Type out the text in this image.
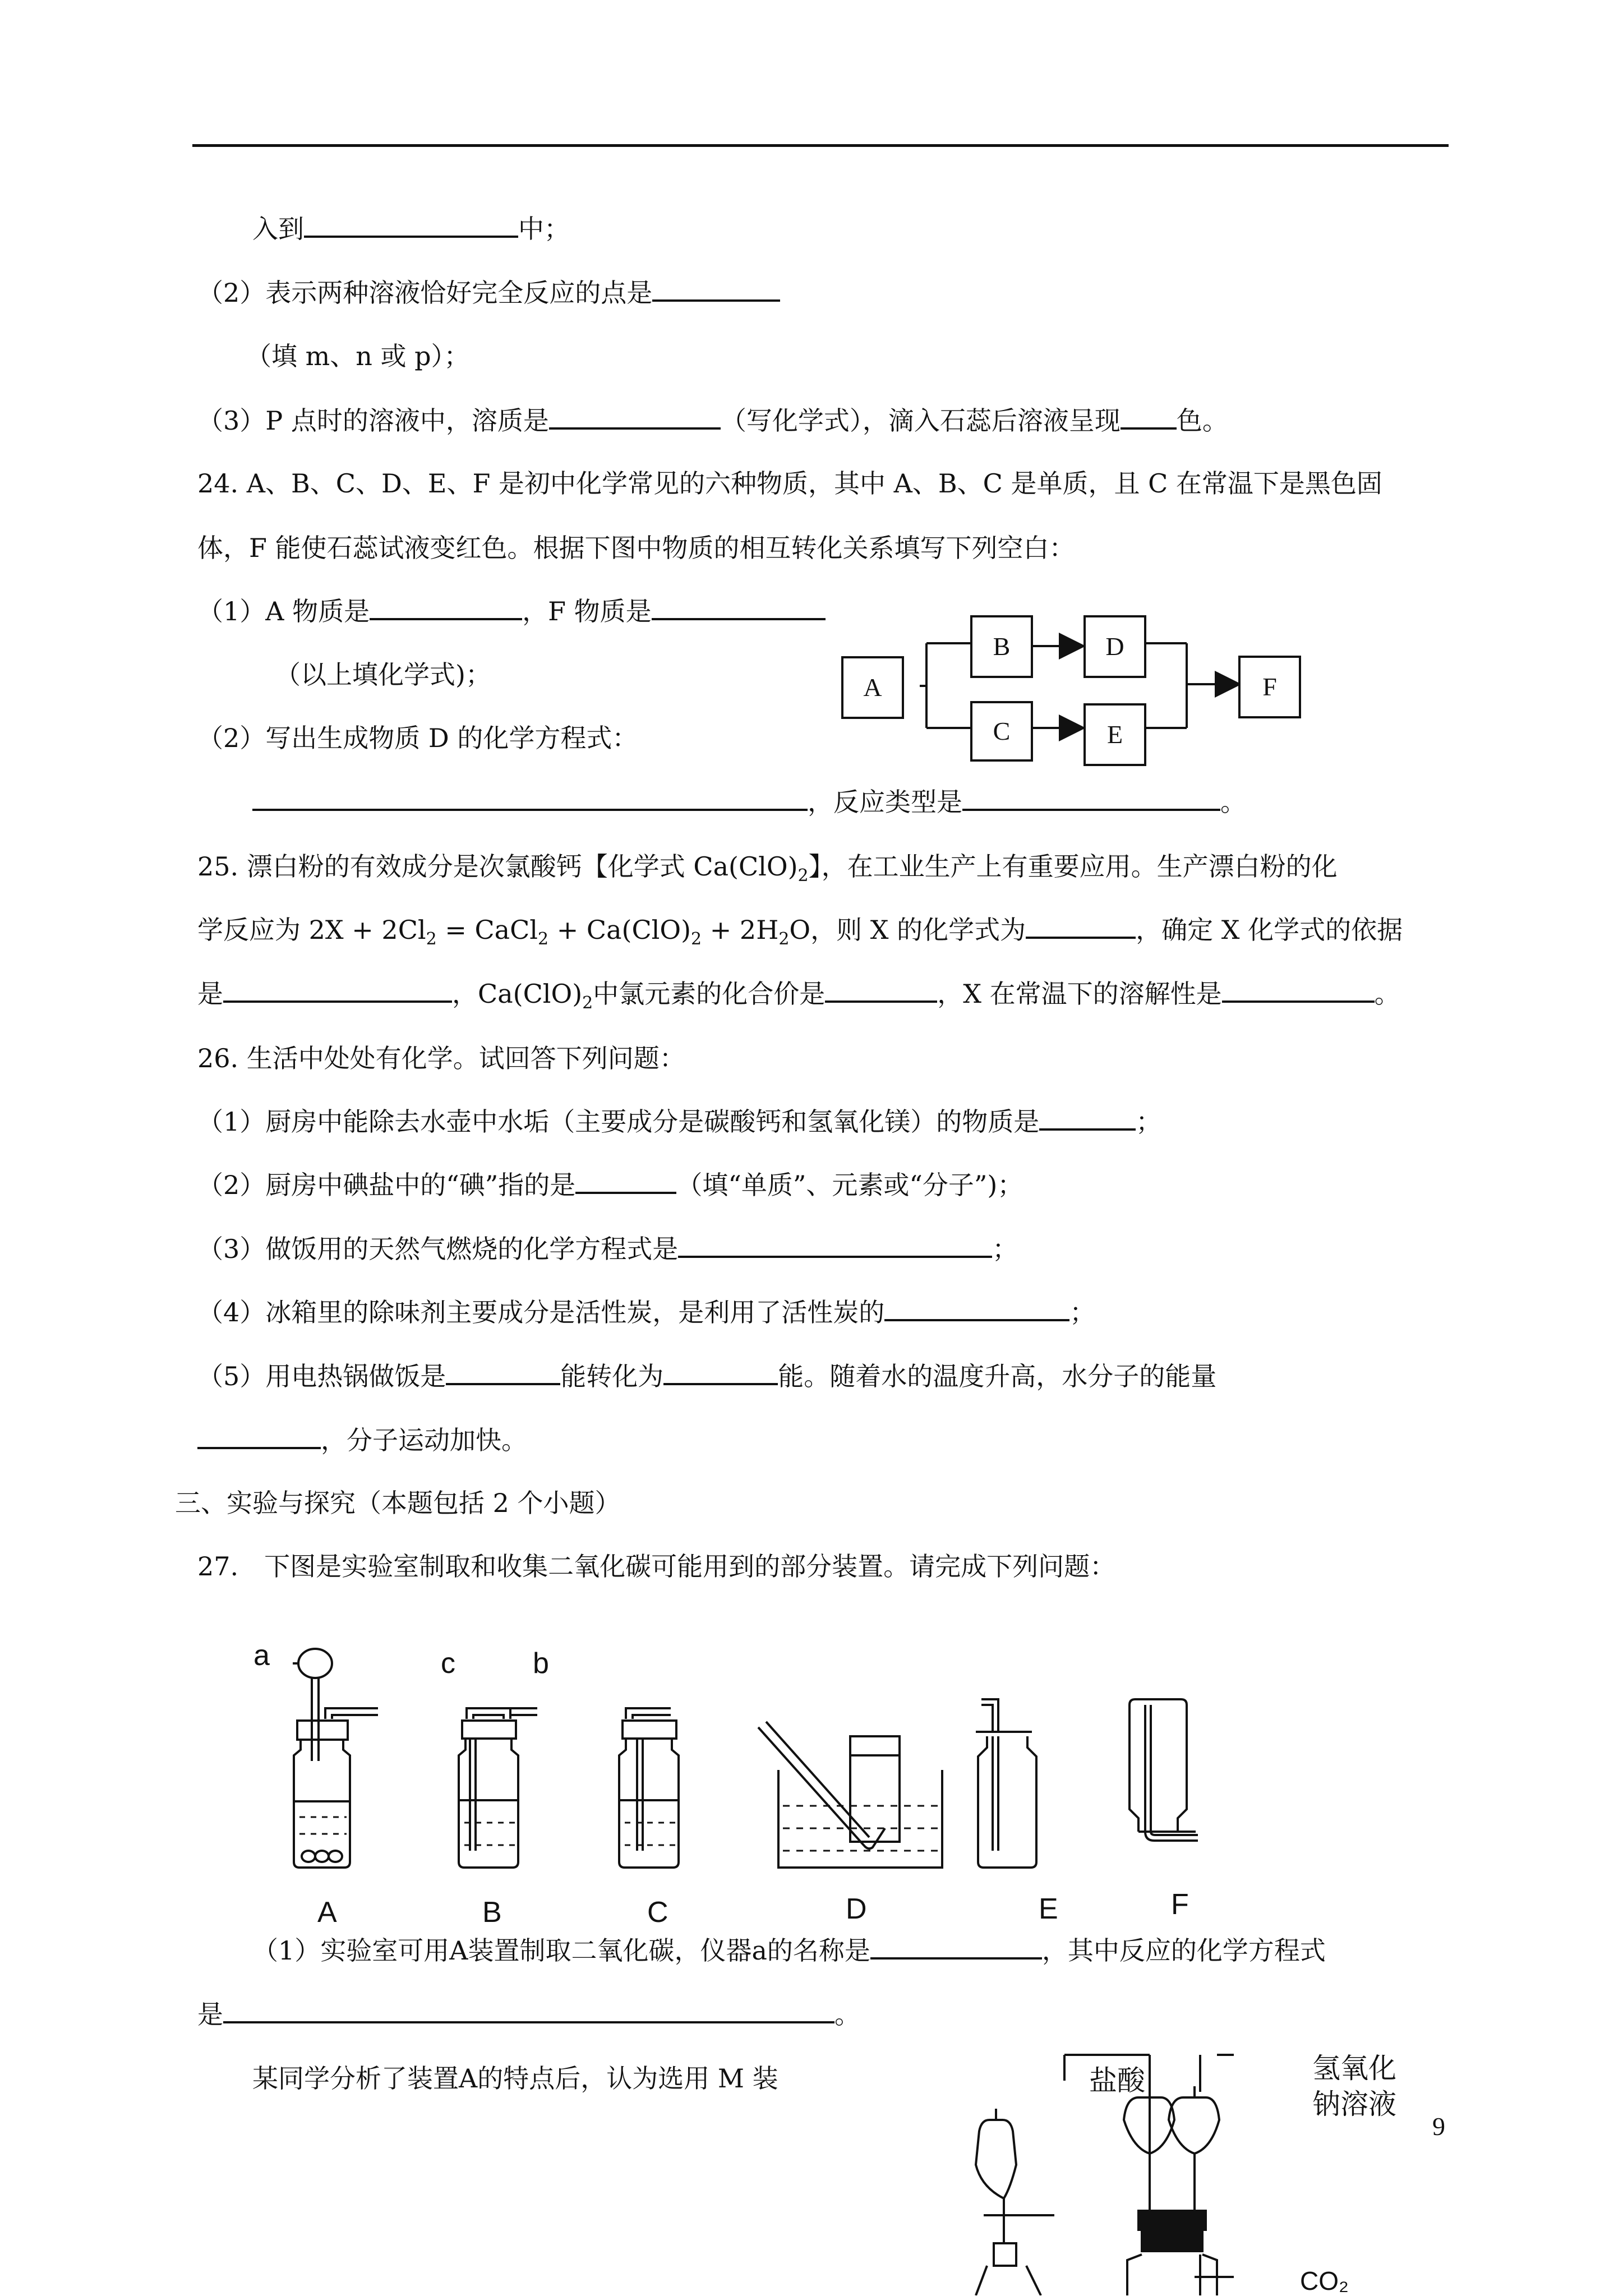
入到	中；
（2）表示两种溶液恰好完全反应的点是
（填 m、n 或 p）；
（3）P 点时的溶液中，溶质是	（写化学式），滴入石蕊后溶液呈现 色。
24. A、B、C、D、E、F 是初中化学常见的六种物质，其中 A、B、C 是单质，且 C 在常温下是黑色固
体，F 能使石蕊试液变红色。根据下图中物质的相互转化关系填写下列空白：
（1）A 物质是	，F 物质是
（以上填化学式)；
（2）写出生成物质 D 的化学方程式：
，反应类型是	。
A
B
C
D
E
F
25. 漂白粉的有效成分是次氯酸钙【化学式 $Ca(ClO)_2$】，在工业生产上有重要应用。生产漂白粉的化
学反应为 $2X + 2Cl_2$ = CaCl$_2$ + $Ca(ClO)_2 + 2H_2O$，则 X 的化学式为	，确定 X 化学式的依据
是	，$Ca(ClO)_2$中氯元素的化合价是	，X 在常温下的溶解性是	。
26. 生活中处处有化学。试回答下列问题：
（1）厨房中能除去水壶中水垢（主要成分是碳酸钙和氢氧化镁）的物质是	；
（2）厨房中碘盐中的“碘”指的是	（填“单质”、元素或“分子”)；
（3）做饭用的天然气燃烧的化学方程式是	；
（4）冰箱里的除味剂主要成分是活性炭，是利用了活性炭的	；
（5）用电热锅做饭是	能转化为	能。随着水的温度升高，水分子的能量
，分子运动加快。
三、实验与探究（本题包括 2 个小题）
27.　下图是实验室制取和收集二氧化碳可能用到的部分装置。请完成下列问题：
a	c	b
A	B	C	D	E	F
（1）实验室可用A装置制取二氧化碳，仪器a的名称是	，其中反应的化学方程式
是	。
某同学分析了装置A的特点后，认为选用 M 装	盐酸	氢氧化
钠溶液
CO₂
9
